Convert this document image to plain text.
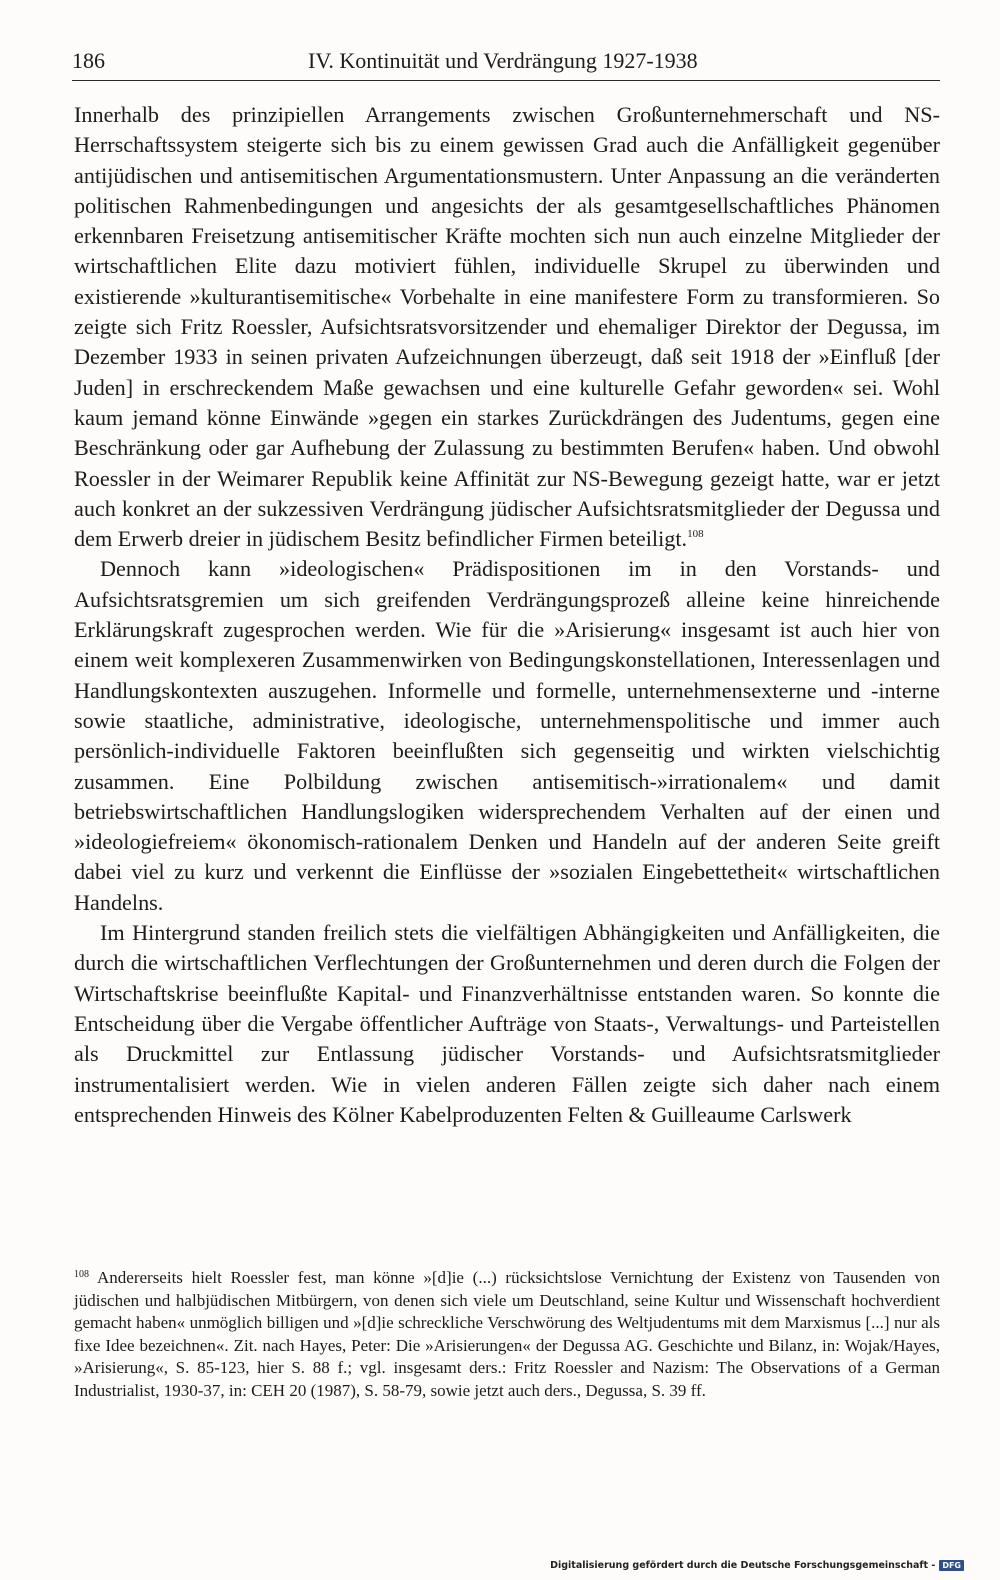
186	IV. Kontinuität und Verdrängung 1927-1938

Innerhalb des prinzipiellen Arrangements zwischen Großunternehmerschaft und NS-Herrschaftssystem steigerte sich bis zu einem gewissen Grad auch die Anfälligkeit gegenüber antijüdischen und antisemitischen Argumentationsmustern. Unter Anpassung an die veränderten politischen Rahmenbedingungen und angesichts der als gesamtgesellschaftliches Phänomen erkennbaren Freisetzung antisemitischer Kräfte mochten sich nun auch einzelne Mitglieder der wirtschaftlichen Elite dazu motiviert fühlen, individuelle Skrupel zu überwinden und existierende »kulturantisemitische« Vorbehalte in eine manifestere Form zu transformieren. So zeigte sich Fritz Roessler, Aufsichtsratsvorsitzender und ehemaliger Direktor der Degussa, im Dezember 1933 in seinen privaten Aufzeichnungen überzeugt, daß seit 1918 der »Einfluß [der Juden] in erschreckendem Maße gewachsen und eine kulturelle Gefahr geworden« sei. Wohl kaum jemand könne Einwände »gegen ein starkes Zurückdrängen des Judentums, gegen eine Beschränkung oder gar Aufhebung der Zulassung zu bestimmten Berufen« haben. Und obwohl Roessler in der Weimarer Republik keine Affinität zur NS-Bewegung gezeigt hatte, war er jetzt auch konkret an der sukzessiven Verdrängung jüdischer Aufsichtsratsmitglieder der Degussa und dem Erwerb dreier in jüdischem Besitz befindlicher Firmen beteiligt.$^{108}$

Dennoch kann »ideologischen« Prädispositionen im in den Vorstands- und Aufsichtsratsgremien um sich greifenden Verdrängungsprozeß alleine keine hinreichende Erklärungskraft zugesprochen werden. Wie für die »Arisierung« insgesamt ist auch hier von einem weit komplexeren Zusammenwirken von Bedingungskonstellationen, Interessenlagen und Handlungskontexten auszugehen. Informelle und formelle, unternehmensexterne und -interne sowie staatliche, administrative, ideologische, unternehmenspolitische und immer auch persönlich-individuelle Faktoren beeinflußten sich gegenseitig und wirkten vielschichtig zusammen. Eine Polbildung zwischen antisemitisch-»irrationalem« und damit betriebswirtschaftlichen Handlungslogiken widersprechendem Verhalten auf der einen und »ideologiefreiem« ökonomisch-rationalem Denken und Handeln auf der anderen Seite greift dabei viel zu kurz und verkennt die Einflüsse der »sozialen Eingebettetheit« wirtschaftlichen Handelns.

Im Hintergrund standen freilich stets die vielfältigen Abhängigkeiten und Anfälligkeiten, die durch die wirtschaftlichen Verflechtungen der Großunternehmen und deren durch die Folgen der Wirtschaftskrise beeinflußte Kapital- und Finanzverhältnisse entstanden waren. So konnte die Entscheidung über die Vergabe öffentlicher Aufträge von Staats-, Verwaltungs- und Parteistellen als Druckmittel zur Entlassung jüdischer Vorstands- und Aufsichtsratsmitglieder instrumentalisiert werden. Wie in vielen anderen Fällen zeigte sich daher nach einem entsprechenden Hinweis des Kölner Kabelproduzenten Felten & Guilleaume Carlswerk

$^{108}$ Andererseits hielt Roessler fest, man könne »[d]ie (...) rücksichtslose Vernichtung der Existenz von Tausenden von jüdischen und halbjüdischen Mitbürgern, von denen sich viele um Deutschland, seine Kultur und Wissenschaft hochverdient gemacht haben« unmöglich billigen und »[d]ie schreckliche Verschwörung des Weltjudentums mit dem Marxismus [...] nur als fixe Idee bezeichnen«. Zit. nach Hayes, Peter: Die »Arisierungen« der Degussa AG. Geschichte und Bilanz, in: Wojak/Hayes, »Arisierung«, S. 85-123, hier S. 88 f.; vgl. insgesamt ders.: Fritz Roessler and Nazism: The Observations of a German Industrialist, 1930-37, in: CEH 20 (1987), S. 58-79, sowie jetzt auch ders., Degussa, S. 39 ff.
Digitalisierung gefördert durch die Deutsche Forschungsgemeinschaft - DFG
